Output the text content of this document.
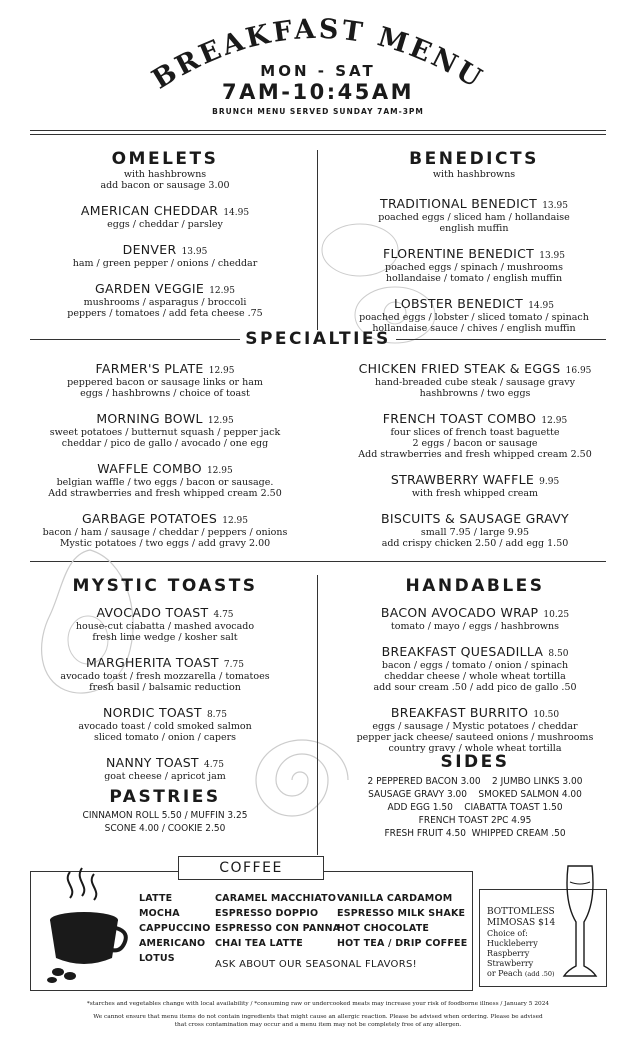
BREAKFAST MENU
MON - SAT
7AM-10:45AM
BRUNCH MENU SERVED SUNDAY 7AM-3PM
OMELETS
with hashbrowns
add bacon or sausage 3.00
AMERICAN CHEDDAR 14.95
eggs / cheddar / parsley
DENVER 13.95
ham / green pepper / onions / cheddar
GARDEN VEGGIE 12.95
mushrooms / asparagus / broccoli
peppers / tomatoes / add feta cheese .75
BENEDICTS
with hashbrowns
TRADITIONAL BENEDICT 13.95
poached eggs / sliced ham / hollandaise
english muffin
FLORENTINE BENEDICT 13.95
poached eggs / spinach / mushrooms
hollandaise / tomato / english muffin
LOBSTER BENEDICT 14.95
poached eggs / lobster / sliced tomato / spinach
hollandaise sauce / chives / english muffin
SPECIALTIES
FARMER'S PLATE 12.95
peppered bacon or sausage links or ham
eggs / hashbrowns / choice of toast
MORNING BOWL 12.95
sweet potatoes / butternut squash / pepper jack
cheddar / pico de gallo / avocado / one egg
WAFFLE COMBO 12.95
belgian waffle / two eggs / bacon or sausage.
Add strawberries and fresh whipped cream 2.50
GARBAGE POTATOES 12.95
bacon / ham / sausage / cheddar / peppers / onions
Mystic potatoes / two eggs / add gravy 2.00
CHICKEN FRIED STEAK & EGGS 16.95
hand-breaded cube steak / sausage gravy
hashbrowns / two eggs
FRENCH TOAST COMBO 12.95
four slices of french toast baguette
2 eggs / bacon or sausage
Add strawberries and fresh whipped cream 2.50
STRAWBERRY WAFFLE 9.95
with fresh whipped cream
BISCUITS & SAUSAGE GRAVY
small 7.95 / large 9.95
add crispy chicken 2.50 / add egg 1.50
MYSTIC TOASTS
AVOCADO TOAST 4.75
house-cut ciabatta / mashed avocado
fresh lime wedge / kosher salt
MARGHERITA TOAST 7.75
avocado toast / fresh mozzarella / tomatoes
fresh basil / balsamic reduction
NORDIC TOAST 8.75
avocado toast / cold smoked salmon
sliced tomato / onion / capers
NANNY TOAST 4.75
goat cheese / apricot jam
PASTRIES
CINNAMON ROLL 5.50 / MUFFIN 3.25
SCONE 4.00 / COOKIE 2.50
HANDABLES
BACON AVOCADO WRAP 10.25
tomato / mayo / eggs / hashbrowns
BREAKFAST QUESADILLA 8.50
bacon / eggs / tomato / onion / spinach
cheddar cheese / whole wheat tortilla
add sour cream .50 / add pico de gallo .50
BREAKFAST BURRITO 10.50
eggs / sausage / Mystic potatoes / cheddar
pepper jack cheese/ sauteed onions / mushrooms
country gravy / whole wheat tortilla
SIDES
2 PEPPERED BACON 3.00    2 JUMBO LINKS 3.00
SAUSAGE GRAVY 3.00    SMOKED SALMON 4.00
ADD EGG 1.50    CIABATTA TOAST 1.50
FRENCH TOAST 2PC 4.95
FRESH FRUIT 4.50  WHIPPED CREAM .50
COFFEE
LATTE
MOCHA
CAPPUCCINO
AMERICANO
LOTUS
CARAMEL MACCHIATO
ESPRESSO DOPPIO
ESPRESSO CON PANNA
CHAI TEA LATTE
VANILLA CARDAMOM
ESPRESSO MILK SHAKE
HOT CHOCOLATE
HOT TEA / DRIP COFFEE
ASK ABOUT OUR SEASONAL FLAVORS!
BOTTOMLESS
MIMOSAS $14
Choice of:
Huckleberry
Raspberry
Strawberry
or Peach (add .50)
*starches and vegetables change with local availability / *consuming raw or undercooked meats may increase your risk of foodborne illness / January 5 2024
We cannot ensure that menu items do not contain ingredients that might cause an allergic reaction. Please be advised when ordering. Please be advised
that cross contamination may occur and a menu item may not be completely free of any allergen.
